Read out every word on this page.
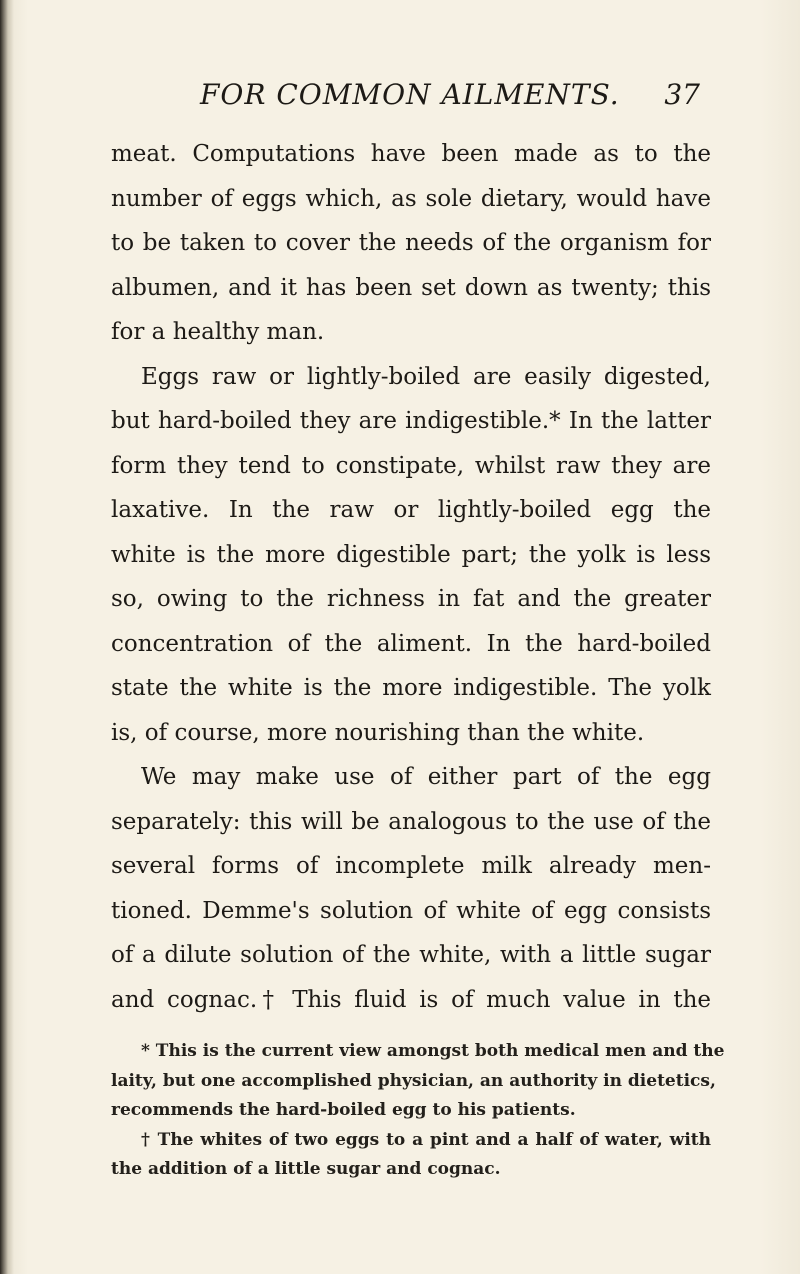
FOR COMMON AILMENTS. 37
meat. Computations have been made as to the
number of eggs which, as sole dietary, would have
to be taken to cover the needs of the organism for
albumen, and it has been set down as twenty; this
for a healthy man.
Eggs raw or lightly-boiled are easily digested,
but hard-boiled they are indigestible.* In the latter
form they tend to constipate, whilst raw they are
laxative. In the raw or lightly-boiled egg the
white is the more digestible part; the yolk is less
so, owing to the richness in fat and the greater
concentration of the aliment. In the hard-boiled
state the white is the more indigestible. The yolk
is, of course, more nourishing than the white.
We may make use of either part of the egg
separately: this will be analogous to the use of the
several forms of incomplete milk already men-
tioned. Demme's solution of white of egg consists
of a dilute solution of the white, with a little sugar
and cognac.† This fluid is of much value in the
* This is the current view amongst both medical men and the
laity, but one accomplished physician, an authority in dietetics,
recommends the hard-boiled egg to his patients.
† The whites of two eggs to a pint and a half of water, with
the addition of a little sugar and cognac.
